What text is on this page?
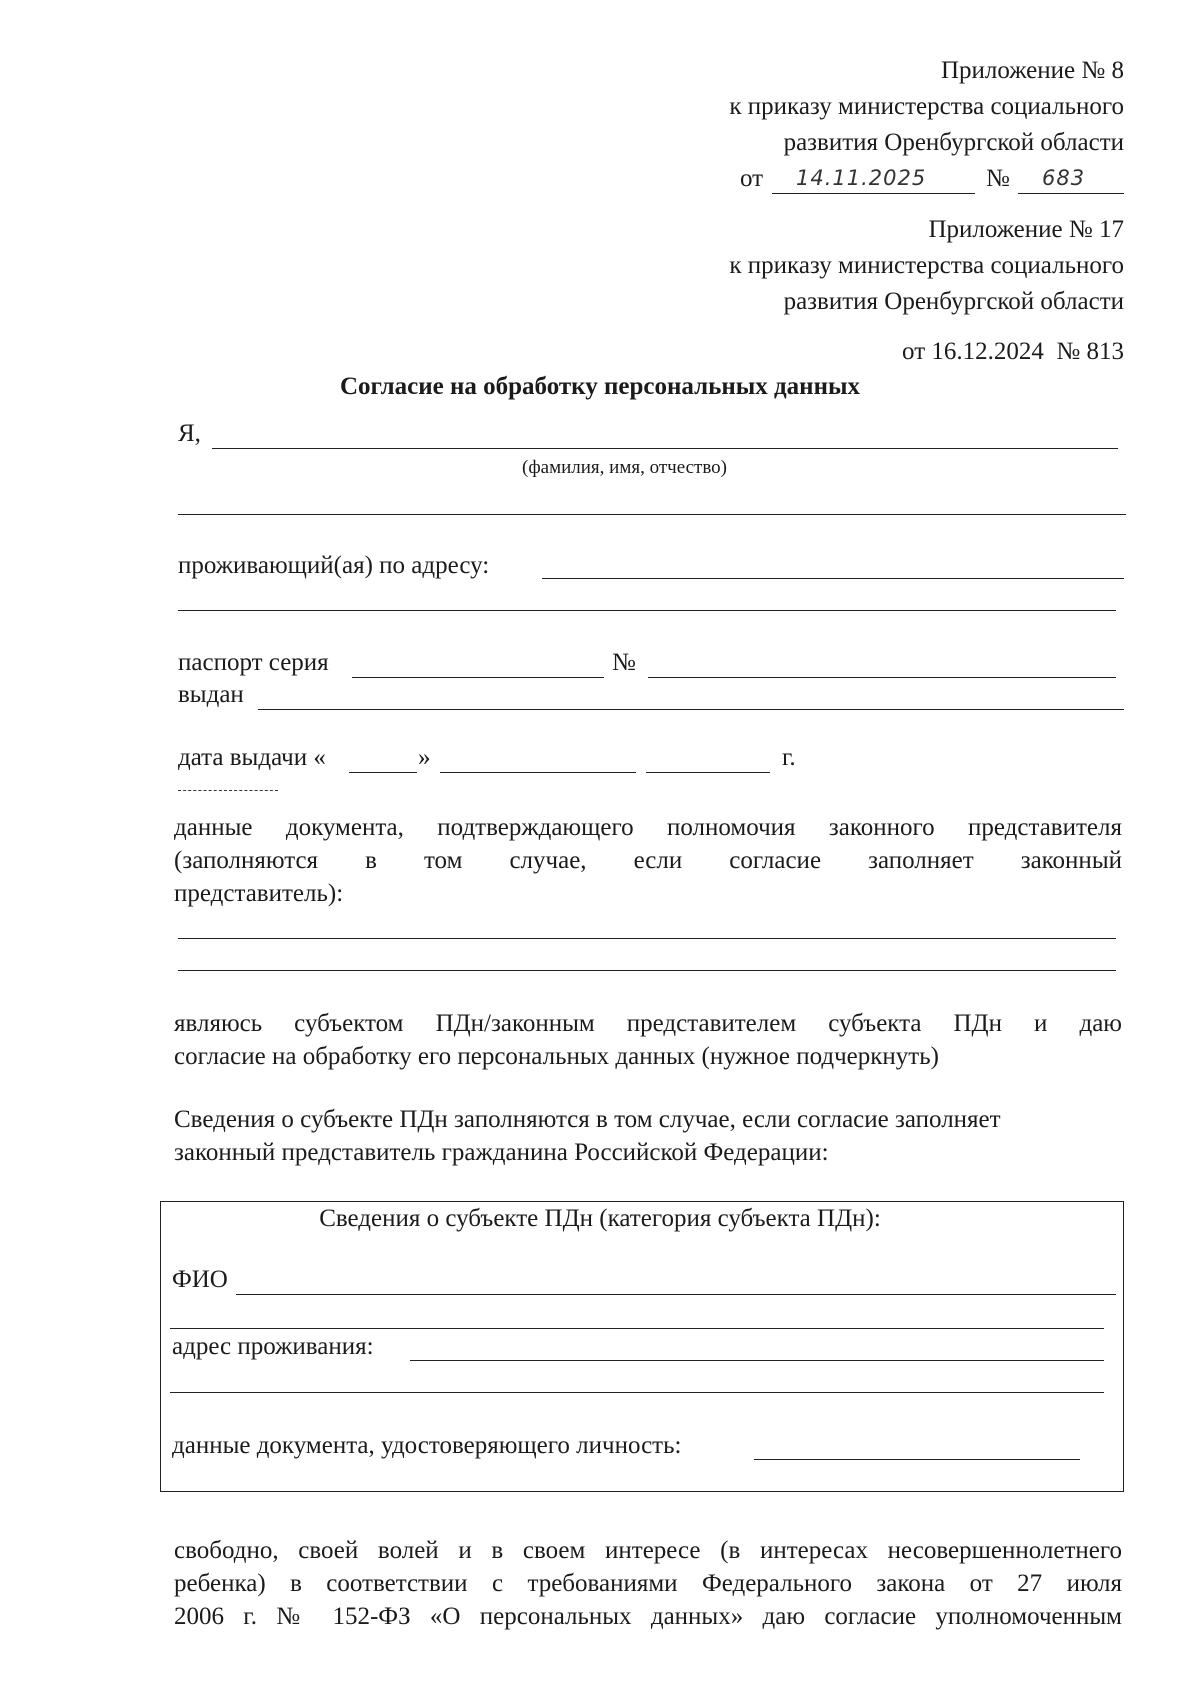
Приложение № 8
к приказу министерства социального
развития Оренбургской области
от 14.11.2025 № 683
Приложение № 17
к приказу министерства социального
развития Оренбургской области
от 16.12.2024  № 813
Согласие на обработку персональных данных
Я,
(фамилия, имя, отчество)
проживающий(ая) по адресу:
паспорт серия	№
выдан
дата выдачи «	»	г.
данные документа, подтверждающего полномочия законного представителя
(заполняются в том случае, если согласие заполняет законный
представитель):
являюсь субъектом ПДн/законным представителем субъекта ПДн и даю
согласие на обработку его персональных данных (нужное подчеркнуть)
Сведения о субъекте ПДн заполняются в том случае, если согласие заполняет
законный представитель гражданина Российской Федерации:
Сведения о субъекте ПДн (категория субъекта ПДн):
ФИО
адрес проживания:
данные документа, удостоверяющего личность:
свободно, своей волей и в своем интересе (в интересах несовершеннолетнего
ребенка) в соответствии с требованиями Федерального закона от 27 июля
2006 г. № 152-ФЗ «О персональных данных» даю согласие уполномоченным
